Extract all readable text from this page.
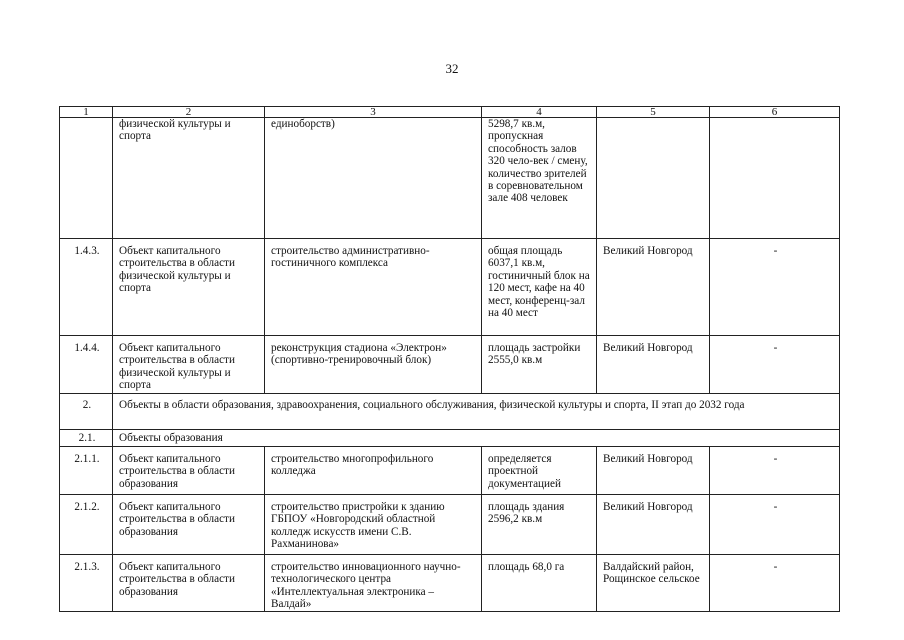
32
1	2	3	4	5	6
	физической культуры и спорта	единоборств)	5298,7 кв.м, пропускная способность залов 320 чело-век / смену, количество зрителей в соревновательном зале 408 человек		
1.4.3.	Объект капитального строительства в области физической культуры и спорта	строительство административно-гостиничного комплекса	общая площадь 6037,1 кв.м, гостиничный блок на 120 мест, кафе на 40 мест, конференц-зал на 40 мест	Великий Новгород	-
1.4.4.	Объект капитального строительства в области физической культуры и спорта	реконструкция стадиона «Электрон» (спортивно-тренировочный блок)	площадь застройки 2555,0 кв.м	Великий Новгород	-
2.	Объекты в области образования, здравоохранения, социального обслуживания, физической культуры и спорта, II этап до 2032 года				
2.1.	Объекты образования				
2.1.1.	Объект капитального строительства в области образования	строительство многопрофильного колледжа	определяется проектной документацией	Великий Новгород	-
2.1.2.	Объект капитального строительства в области образования	строительство пристройки к зданию ГБПОУ «Новгородский областной колледж искусств имени С.В. Рахманинова»	площадь здания 2596,2 кв.м	Великий Новгород	-
2.1.3.	Объект капитального строительства в области образования	строительство инновационного научно-технологического центра «Интеллектуальная электроника – Валдай»	площадь 68,0 га	Валдайский район, Рощинское сельское	-
